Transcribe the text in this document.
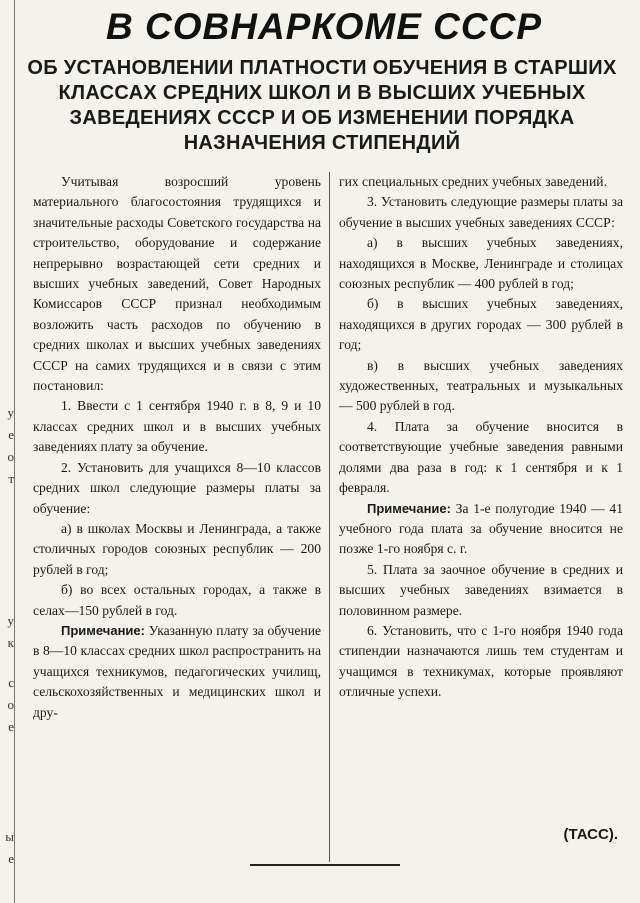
у
е
о
т
у
к
с
о
е
ы
е
В СОВНАРКОМЕ СССР
ОБ УСТАНОВЛЕНИИ ПЛАТНОСТИ ОБУЧЕНИЯ В СТАРШИХ КЛАССАХ СРЕДНИХ ШКОЛ И В ВЫСШИХ УЧЕБНЫХ ЗАВЕДЕНИЯХ СССР И ОБ ИЗМЕНЕНИИ ПОРЯДКА НАЗНАЧЕНИЯ СТИПЕНДИЙ

Учитывая возросший уровень материального благосостояния трудящихся и значительные расходы Советского государства на строительство, оборудование и содержание непрерывно возрастающей сети средних и высших учебных заведений, Совет Народных Комиссаров СССР признал необходимым возложить часть расходов по обучению в средних школах и высших учебных заведениях СССР на самих трудящихся и в связи с этим постановил:

1. Ввести с 1 сентября 1940 г. в 8, 9 и 10 классах средних школ и в высших учебных заведениях плату за обучение.

2. Установить для учащихся 8—10 классов средних школ следующие размеры платы за обучение:

а) в школах Москвы и Ленинграда, а также столичных городов союзных республик — 200 рублей в год;

б) во всех остальных городах, а также в селах—150 рублей в год.

Примечание: Указанную плату за обучение в 8—10 классах средних школ распространить на учащихся техникумов, педагогических училищ, сельскохозяйственных и медицинских школ и дру-

гих специальных средних учебных заведений.

3. Установить следующие размеры платы за обучение в высших учебных заведениях СССР:

а) в высших учебных заведениях, находящихся в Москве, Ленинграде и столицах союзных республик — 400 рублей в год;

б) в высших учебных заведениях, находящихся в других городах — 300 рублей в год;

в) в высших учебных заведениях художественных, театральных и музыкальных — 500 рублей в год.

4. Плата за обучение вносится в соответствующие учебные заведения равными долями два раза в год: к 1 сентября и к 1 февраля.

Примечание: За 1-е полугодие 1940 — 41 учебного года плата за обучение вносится не позже 1-го ноября с. г.

5. Плата за заочное обучение в средних и высших учебных заведениях взимается в половинном размере.

6. Установить, что с 1-го ноября 1940 года стипендии назначаются лишь тем студентам и учащимся в техникумах, которые проявляют отличные успехи.

(ТАСС).
